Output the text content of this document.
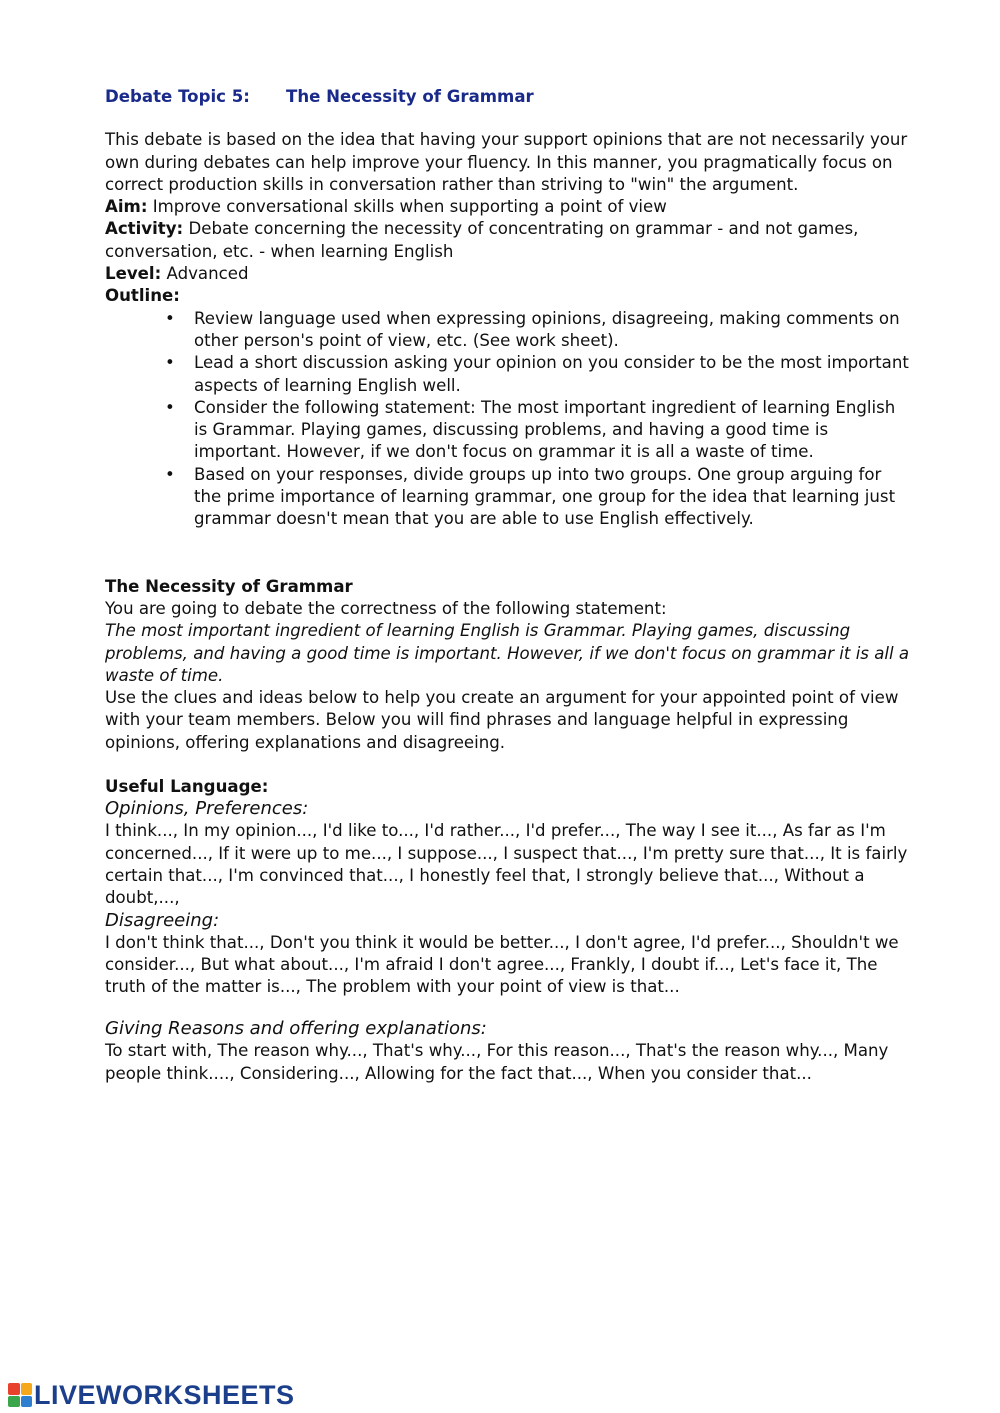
Debate Topic 5:	The Necessity of Grammar

This debate is based on the idea that having your support opinions that are not necessarily your own during debates can help improve your fluency. In this manner, you pragmatically focus on correct production skills in conversation rather than striving to "win" the argument.

Aim: Improve conversational skills when supporting a point of view

Activity: Debate concerning the necessity of concentrating on grammar - and not games, conversation, etc. - when learning English

Level: Advanced

Outline:

• Review language used when expressing opinions, disagreeing, making comments on other person's point of view, etc. (See work sheet).
• Lead a short discussion asking your opinion on you consider to be the most important aspects of learning English well.
• Consider the following statement: The most important ingredient of learning English is Grammar. Playing games, discussing problems, and having a good time is important. However, if we don't focus on grammar it is all a waste of time.
• Based on your responses, divide groups up into two groups. One group arguing for the prime importance of learning grammar, one group for the idea that learning just grammar doesn't mean that you are able to use English effectively.

The Necessity of Grammar

You are going to debate the correctness of the following statement:

The most important ingredient of learning English is Grammar. Playing games, discussing problems, and having a good time is important. However, if we don't focus on grammar it is all a waste of time.

Use the clues and ideas below to help you create an argument for your appointed point of view with your team members. Below you will find phrases and language helpful in expressing opinions, offering explanations and disagreeing.

Useful Language:

Opinions, Preferences:

I think..., In my opinion..., I'd like to..., I'd rather..., I'd prefer..., The way I see it..., As far as I'm concerned..., If it were up to me..., I suppose..., I suspect that..., I'm pretty sure that..., It is fairly certain that..., I'm convinced that..., I honestly feel that, I strongly believe that..., Without a doubt,...,

Disagreeing:

I don't think that..., Don't you think it would be better..., I don't agree, I'd prefer..., Shouldn't we consider..., But what about..., I'm afraid I don't agree..., Frankly, I doubt if..., Let's face it, The truth of the matter is..., The problem with your point of view is that...

Giving Reasons and offering explanations:

To start with, The reason why..., That's why..., For this reason..., That's the reason why..., Many people think...., Considering..., Allowing for the fact that..., When you consider that...

LIVEWORKSHEETS
